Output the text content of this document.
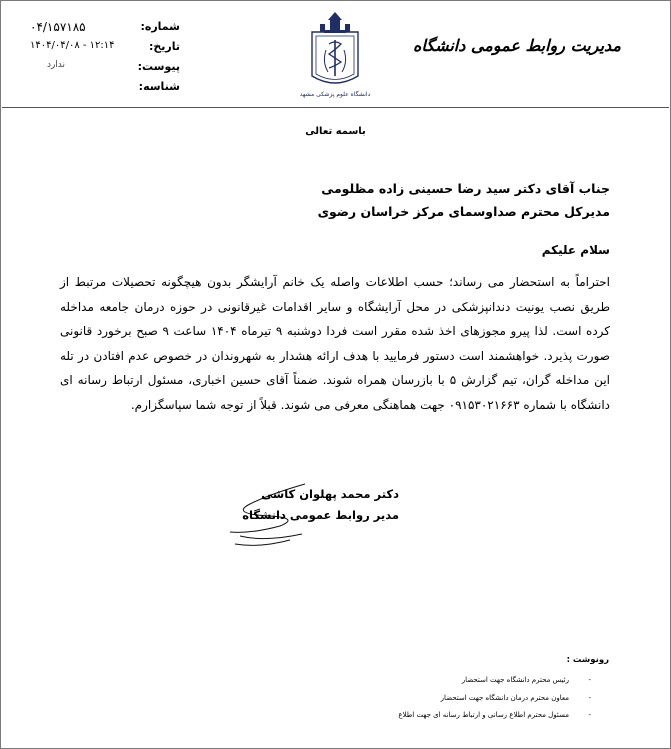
مدیریت روابط عمومی دانشگاه
دانشگاه علوم پزشکی مشهد
شماره:
۰۴/۱۵۷۱۸۵
تاریخ:
۱۴۰۴/۰۴/۰۸ - ۱۲:۱۴
پیوست:
ندارد
شناسه:
باسمه تعالی
جناب آقای دکتر سید رضا حسینی زاده مظلومی
مدیرکل محترم صداوسمای مرکز خراسان رضوی
سلام علیکم
احتراماً به استحضار می رساند؛ حسب اطلاعات واصله یک خانم آرایشگر بدون هیچگونه تحصیلات مرتبط از طریق نصب یونیت دندانپزشکی در محل آرایشگاه و سایر اقدامات غیرقانونی در حوزه درمان جامعه مداخله کرده است. لذا پیرو مجوزهای اخذ شده مقرر است فردا دوشنبه ۹ تیرماه ۱۴۰۴ ساعت ۹ صبح برخورد قانونی صورت پذیرد. خواهشمند است دستور فرمایید با هدف ارائه هشدار به شهروندان در خصوص عدم افتادن در تله این مداخله گران، تیم گزارش ۵ با بازرسان همراه شوند. ضمناً آقای حسین اخباری، مسئول ارتباط رسانه ای دانشگاه با شماره ۰۹۱۵۳۰۲۱۶۶۳ جهت هماهنگی معرفی می شوند. قبلاً از توجه شما سپاسگزارم.
دکتر محمد پهلوان کاشی
مدیر روابط عمومی دانشگاه
رونوشت :
-
رئیس محترم دانشگاه جهت استحضار
-
معاون محترم درمان دانشگاه جهت استحضار
-
مسئول محترم اطلاع رسانی و ارتباط رسانه ای جهت اطلاع
